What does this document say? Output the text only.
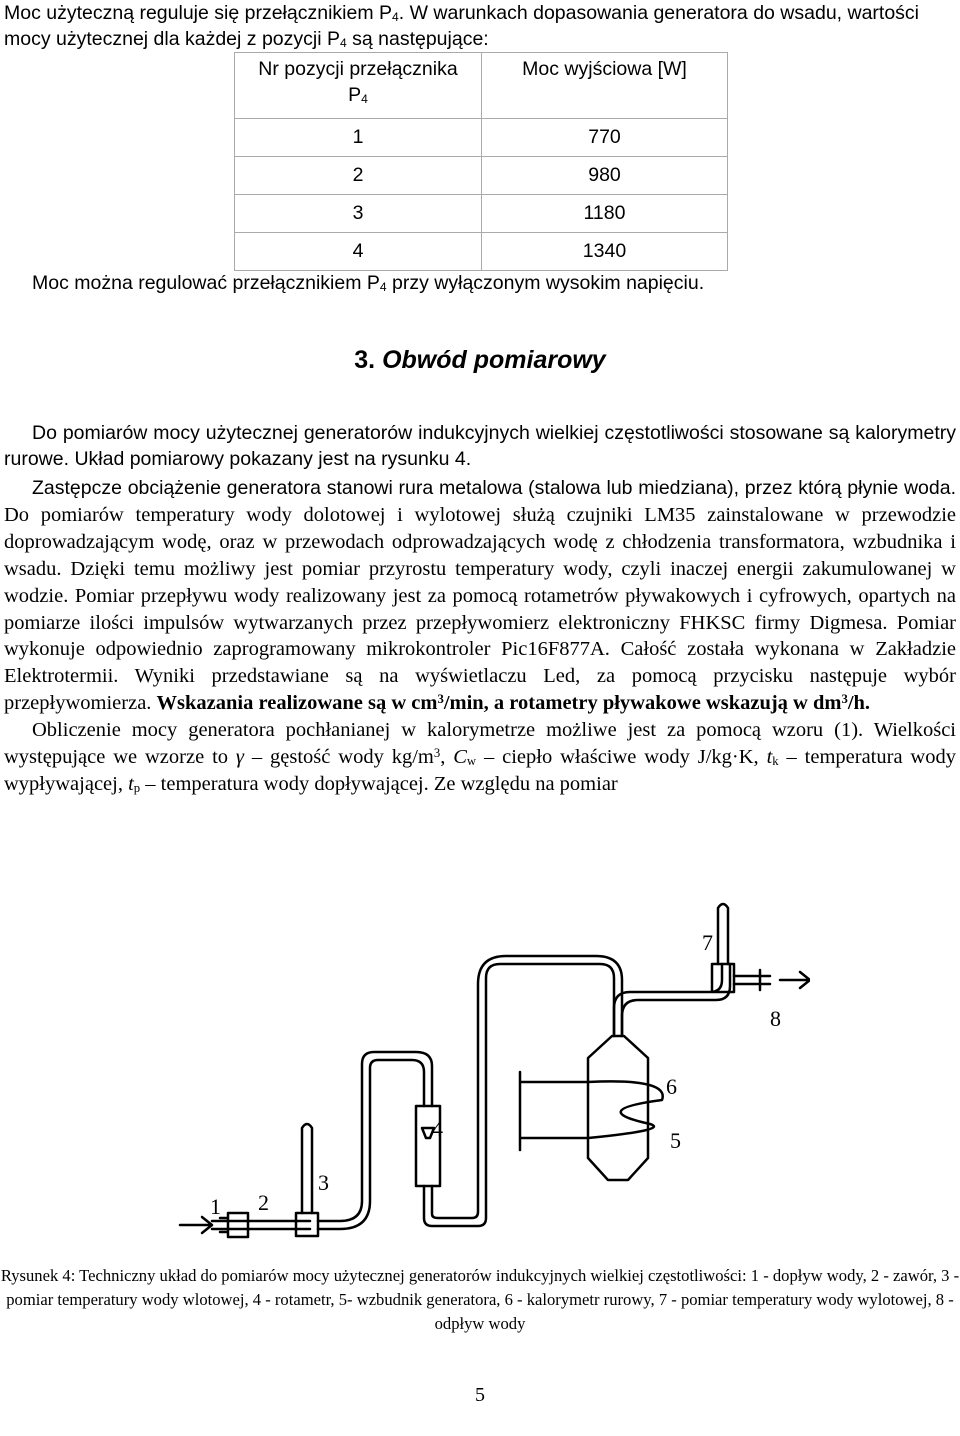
Moc użyteczną reguluje się przełącznikiem $P_4$. W warunkach dopasowania generatora do wsadu, wartości mocy użytecznej dla każdej z pozycji $P_4$ są następujące:

Nr pozycji przełącznika
$P_4$	Moc wyjściowa [W]
1	770
2	980
3	1180
4	1340

Moc można regulować przełącznikiem $P_4$ przy wyłączonym wysokim napięciu.

3. Obwód pomiarowy

Do pomiarów mocy użytecznej generatorów indukcyjnych wielkiej częstotliwości stosowane są kalorymetry rurowe. Układ pomiarowy pokazany jest na rysunku 4.

Zastępcze obciążenie generatora stanowi rura metalowa (stalowa lub miedziana), przez którą płynie woda. Do pomiarów temperatury wody dolotowej i wylotowej służą czujniki LM35 zainstalowane w przewodzie doprowadzającym wodę, oraz w przewodach odprowadzających wodę z chłodzenia transformatora, wzbudnika i wsadu. Dzięki temu możliwy jest pomiar przyrostu temperatury wody, czyli inaczej energii zakumulowanej w wodzie. Pomiar przepływu wody realizowany jest za pomocą rotametrów pływakowych i cyfrowych, opartych na pomiarze ilości impulsów wytwarzanych przez przepływomierz elektroniczny FHKSC firmy Digmesa. Pomiar wykonuje odpowiednio zaprogramowany mikrokontroler Pic16F877A. Całość została wykonana w Zakładzie Elektrotermii. Wyniki przedstawiane są na wyświetlaczu Led, za pomocą przycisku następuje wybór przepływomierza. Wskazania realizowane są w $cm^3/\min$, a rotametry pływakowe wskazują w $dm^3/h$.

Obliczenie mocy generatora pochłanianej w kalorymetrze możliwe jest za pomocą wzoru (1). Wielkości występujące we wzorze to γ – gęstość wody $kg/m^3$, $C_w$ – ciepło właściwe wody J/kg·K, $t_k$ – temperatura wody wypływającej, $t_p$ – temperatura wody dopływającej. Ze względu na pomiar

1 2
3
4	5
6
7
8

Rysunek 4: Techniczny układ do pomiarów mocy użytecznej generatorów indukcyjnych wielkiej częstotliwości: 1 - dopływ wody, 2 - zawór, 3 - pomiar temperatury wody wlotowej, 4 - rotametr, 5- wzbudnik generatora, 6 - kalorymetr rurowy, 7 - pomiar temperatury wody wylotowej, 8 - odpływ wody

5
